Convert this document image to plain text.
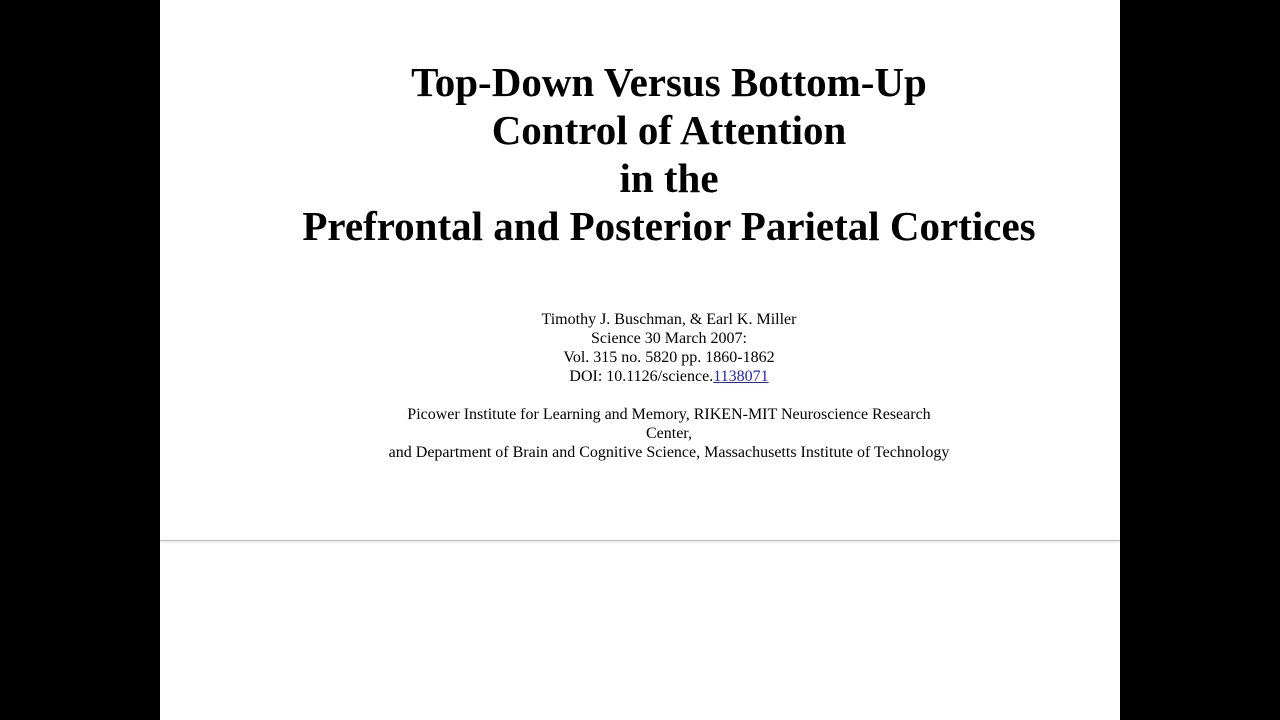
Top-Down Versus Bottom-Up
Control of Attention
in the
Prefrontal and Posterior Parietal Cortices
Timothy J. Buschman, & Earl K. Miller
Science 30 March 2007:
Vol. 315 no. 5820 pp. 1860-1862
DOI: 10.1126/science.1138071
Picower Institute for Learning and Memory, RIKEN-MIT Neuroscience Research
Center,
and Department of Brain and Cognitive Science, Massachusetts Institute of Technology
